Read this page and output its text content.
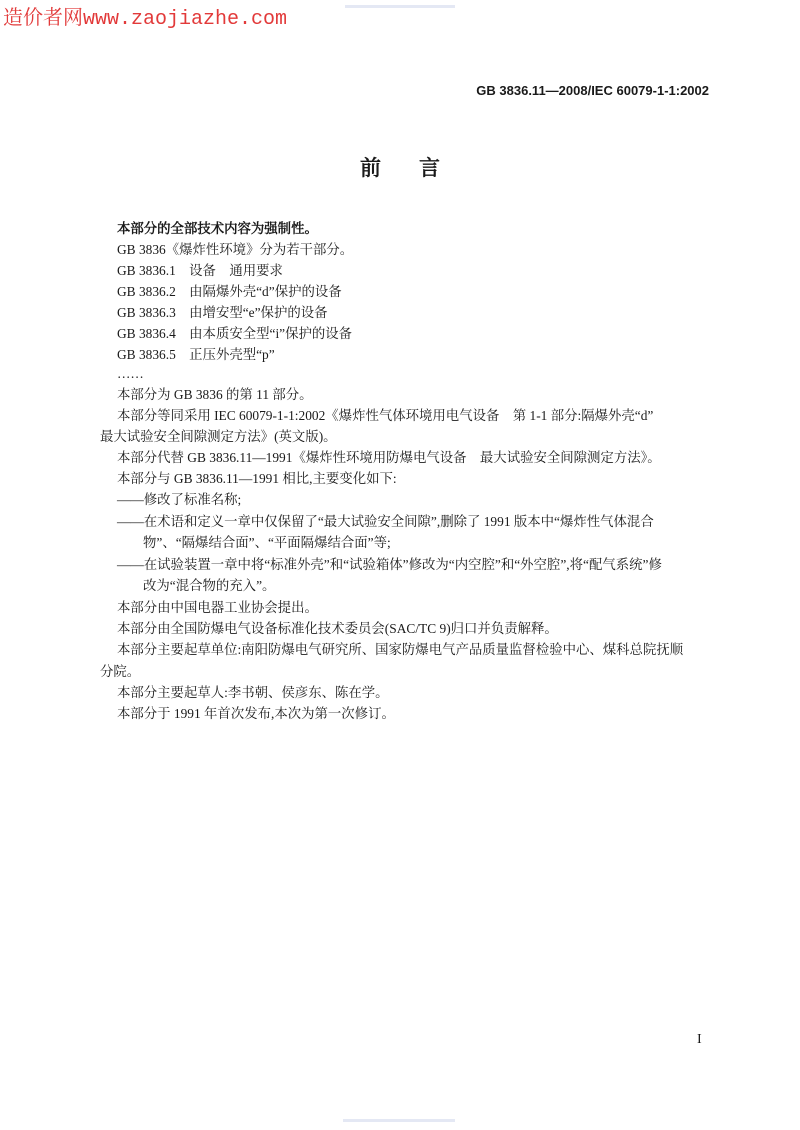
造价者网www.zaojiazhe.com
GB 3836.11—2008/IEC 60079-1-1:2002
前言
本部分的全部技术内容为强制性。
GB 3836《爆炸性环境》分为若干部分。
GB 3836.1　设备　通用要求
GB 3836.2　由隔爆外壳“d”保护的设备
GB 3836.3　由增安型“e”保护的设备
GB 3836.4　由本质安全型“i”保护的设备
GB 3836.5　正压外壳型“p”
……
本部分为 GB 3836 的第 11 部分。
本部分等同采用 IEC 60079-1-1:2002《爆炸性气体环境用电气设备　第 1-1 部分:隔爆外壳“d”
最大试验安全间隙测定方法》(英文版)。
本部分代替 GB 3836.11—1991《爆炸性环境用防爆电气设备　最大试验安全间隙测定方法》。
本部分与 GB 3836.11—1991 相比,主要变化如下:
——修改了标准名称;
——在术语和定义一章中仅保留了“最大试验安全间隙”,删除了 1991 版本中“爆炸性气体混合
物”、“隔爆结合面”、“平面隔爆结合面”等;
——在试验装置一章中将“标准外壳”和“试验箱体”修改为“内空腔”和“外空腔”,将“配气系统”修
改为“混合物的充入”。
本部分由中国电器工业协会提出。
本部分由全国防爆电气设备标准化技术委员会(SAC/TC 9)归口并负责解释。
本部分主要起草单位:南阳防爆电气研究所、国家防爆电气产品质量监督检验中心、煤科总院抚顺
分院。
本部分主要起草人:李书朝、侯彦东、陈在学。
本部分于 1991 年首次发布,本次为第一次修订。
I
